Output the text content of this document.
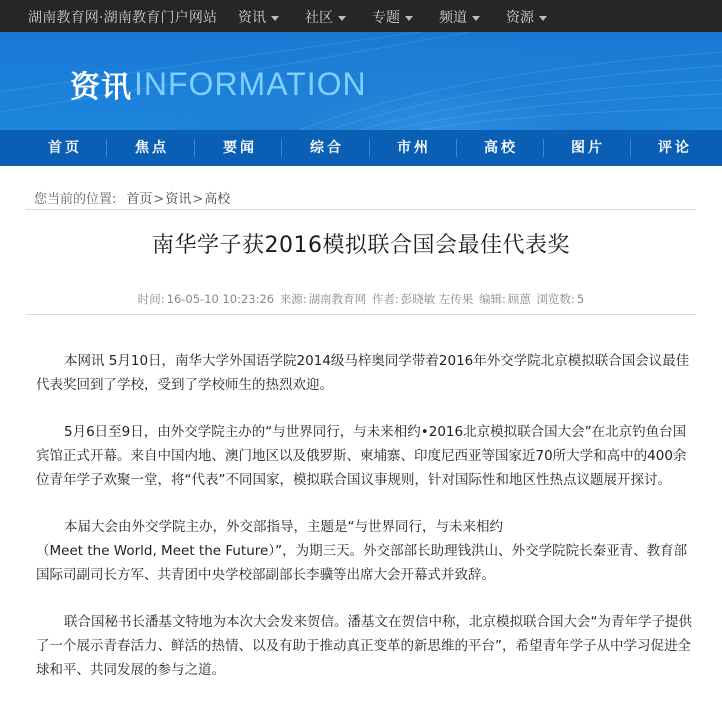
湖南教育网·湖南教育门户网站 资讯	社区	专题	频道	资源
资讯INFORMATION
首页	焦点	要闻	综合	市州	高校	图片	评论
您当前的位置: 首页>资讯>高校
南华学子获2016模拟联合国会最佳代表奖
时间: 16-05-10 10:23:26 来源: 湖南教育网 作者: 彭晓敏 左传果 编辑: 顾蒽 浏览数: 5

本网讯 5月10日，南华大学外国语学院2014级马梓奥同学带着2016年外交学院北京模拟联合国会议最佳代表奖回到了学校，受到了学校师生的热烈欢迎。

5月6日至9日，由外交学院主办的“与世界同行，与未来相约•2016北京模拟联合国大会”在北京钓鱼台国宾馆正式开幕。来自中国内地、澳门地区以及俄罗斯、柬埔寨、印度尼西亚等国家近70所大学和高中的400余位青年学子欢聚一堂，将“代表”不同国家，模拟联合国议事规则，针对国际性和地区性热点议题展开探讨。

本届大会由外交学院主办，外交部指导，主题是“与世界同行，与未来相约

（Meet the World, Meet the Future）”，为期三天。外交部部长助理钱洪山、外交学院院长秦亚青、教育部国际司副司长方军、共青团中央学校部副部长李骥等出席大会开幕式并致辞。

联合国秘书长潘基文特地为本次大会发来贺信。潘基文在贺信中称，北京模拟联合国大会“为青年学子提供了一个展示青春活力、鲜活的热情、以及有助于推动真正变革的新思维的平台”，希望青年学子从中学习促进全球和平、共同发展的参与之道。
